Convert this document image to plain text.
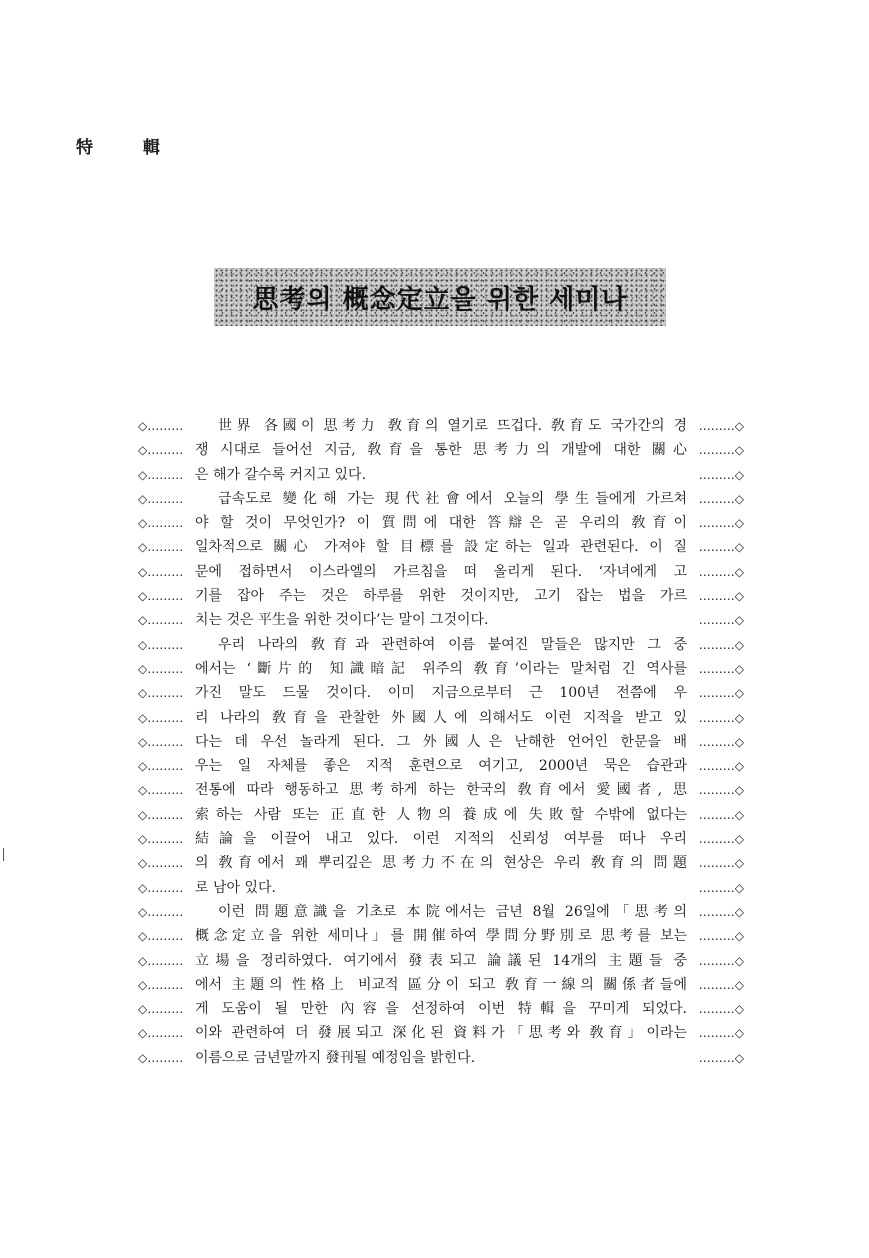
特 輯
思考의 概念定立을 위한 세미나
◇……… 世界 各國이 思考力 敎育의 열기로 뜨겁다. 敎育도 국가간의 경 ………◇
◇……… 쟁 시대로 들어선 지금, 敎育을 통한 思考力의 개발에 대한 關心 ………◇
◇……… 은 해가 갈수록 커지고 있다.	………◇
◇……… 급속도로 變化해 가는 現代社會에서 오늘의 學生들에게 가르쳐 ………◇
◇……… 야 할 것이 무엇인가? 이 質問에 대한 答辯은 곧 우리의 敎育이 ………◇
◇……… 일차적으로 關心 가져야 할 目標를 設定하는 일과 관련된다. 이 질 ………◇
◇……… 문에 접하면서 이스라엘의 가르침을 떠 올리게 된다. ‘자녀에게 고 ………◇
◇……… 기를 잡아 주는 것은 하루를 위한 것이지만, 고기 잡는 법을 가르 ………◇
◇……… 치는 것은 平生을 위한 것이다’는 말이 그것이다.	………◇
◇……… 우리 나라의 敎育과 관련하여 이름 붙여진 말들은 많지만 그 중 ………◇
◇……… 에서는 ‘斷片的 知識暗記 위주의 敎育’이라는 말처럼 긴 역사를 ………◇
◇……… 가진 말도 드물 것이다. 이미 지금으로부터 근 100년 전쯤에 우 ………◇
◇……… 리 나라의 敎育을 관찰한 外國人에 의해서도 이런 지적을 받고 있 ………◇
◇……… 다는 데 우선 놀라게 된다. 그 外國人은 난해한 언어인 한문을 배 ………◇
◇……… 우는 일 자체를 좋은 지적 훈련으로 여기고, 2000년 묵은 습관과 ………◇
◇……… 전통에 따라 행동하고 思考하게 하는 한국의 敎育에서 愛國者, 思 ………◇
◇……… 索하는 사람 또는 正直한 人物의 養成에 失敗할 수밖에 없다는 ………◇
◇……… 結論을 이끌어 내고 있다. 이런 지적의 신뢰성 여부를 떠나 우리 ………◇
◇……… 의 敎育에서 꽤 뿌리깊은 思考力不在의 현상은 우리 敎育의 問題 ………◇
◇……… 로 남아 있다.	………◇
◇……… 이런 問題意識을 기초로 本院에서는 금년 8월 26일에「思考의 ………◇
◇……… 概念定立을 위한 세미나」를 開催하여 學問分野別로 思考를 보는 ………◇
◇……… 立場을 정리하였다. 여기에서 發表되고 論議된 14개의 主題들 중 ………◇
◇……… 에서 主題의 性格上 비교적 區分이 되고 敎育一線의 關係者들에 ………◇
◇……… 게 도움이 될 만한 內容을 선정하여 이번 特輯을 꾸미게 되었다. ………◇
◇……… 이와 관련하여 더 發展되고 深化된 資料가「思考와 敎育」이라는 ………◇
◇……… 이름으로 금년말까지 發刊될 예정임을 밝힌다.	………◇
